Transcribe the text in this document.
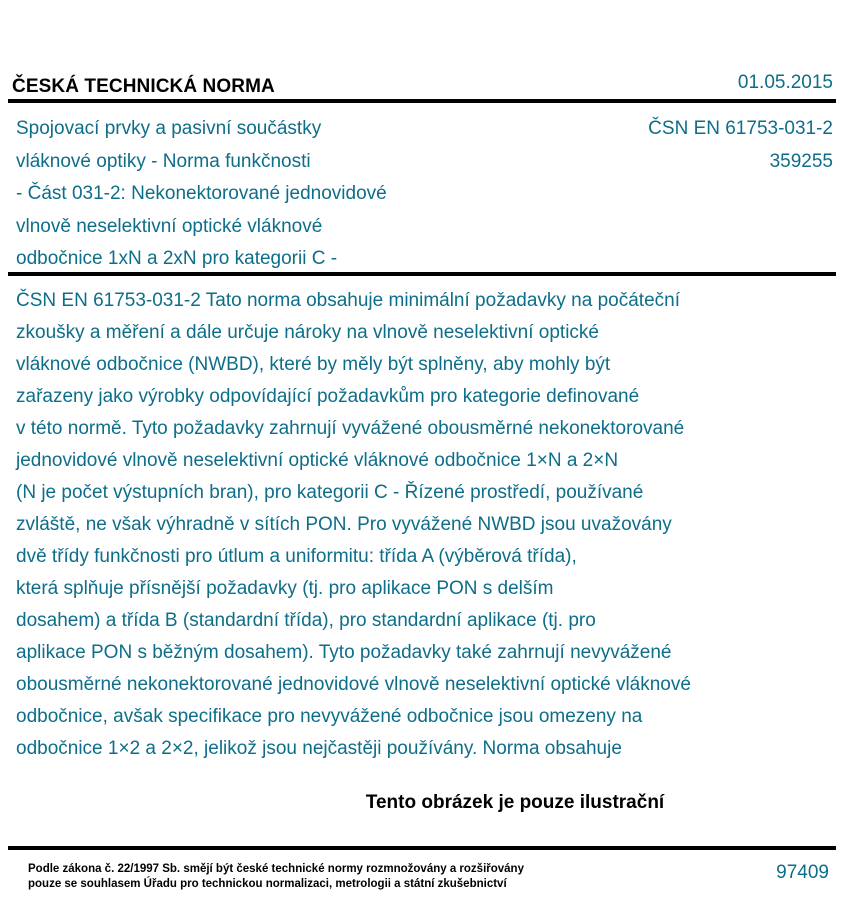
ČESKÁ TECHNICKÁ NORMA	01.05.2015
Spojovací prvky a pasivní součástky
vláknové optiky - Norma funkčnosti
- Část 031-2: Nekonektorované jednovidové
vlnově neselektivní optické vláknové
odbočnice 1xN a 2xN pro kategorii C -
ČSN EN 61753-031-2
359255
ČSN EN 61753-031-2 Tato norma obsahuje minimální požadavky na počáteční
zkoušky a měření a dále určuje nároky na vlnově neselektivní optické
vláknové odbočnice (NWBD), které by měly být splněny, aby mohly být
zařazeny jako výrobky odpovídající požadavkům pro kategorie definované
v této normě. Tyto požadavky zahrnují vyvážené obousměrné nekonektorované
jednovidové vlnově neselektivní optické vláknové odbočnice 1×N a 2×N
(N je počet výstupních bran), pro kategorii C - Řízené prostředí, používané
zvláště, ne však výhradně v sítích PON. Pro vyvážené NWBD jsou uvažovány
dvě třídy funkčnosti pro útlum a uniformitu: třída A (výběrová třída),
která splňuje přísnější požadavky (tj. pro aplikace PON s delším
dosahem) a třída B (standardní třída), pro standardní aplikace (tj. pro
aplikace PON s běžným dosahem). Tyto požadavky také zahrnují nevyvážené
obousměrné nekonektorované jednovidové vlnově neselektivní optické vláknové
odbočnice, avšak specifikace pro nevyvážené odbočnice jsou omezeny na
odbočnice 1×2 a 2×2, jelikož jsou nejčastěji používány. Norma obsahuje
Tento obrázek je pouze ilustrační
Podle zákona č. 22/1997 Sb. smějí být české technické normy rozmnožovány a rozšiřovány
pouze se souhlasem Úřadu pro technickou normalizaci, metrologii a státní zkušebnictví
97409
